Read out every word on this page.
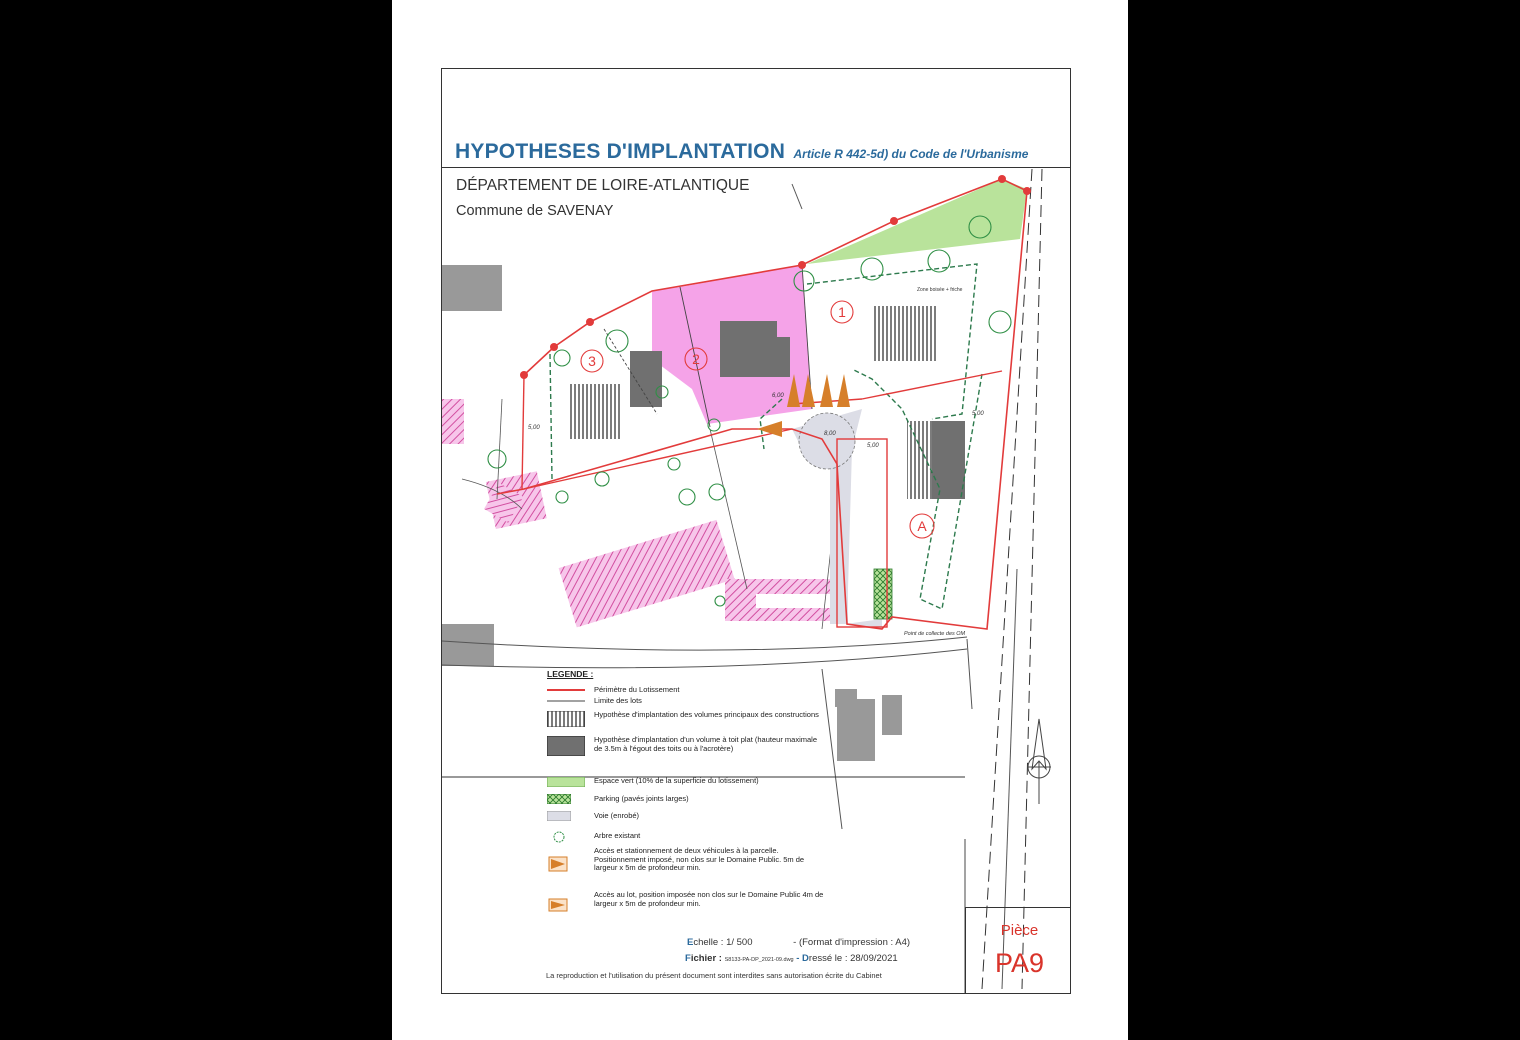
1
2
3
A
5,00
6,00
8,00
5,00
5,00
Zone boisée + friche
Point de collecte des OM
HYPOTHESES D'IMPLANTATION Article R 442-5d) du Code de l'Urbanisme
DÉPARTEMENT DE LOIRE-ATLANTIQUE
Commune de SAVENAY
LEGENDE :
Périmètre du Lotissement
Limite des lots
Hypothèse d'implantation des volumes principaux des constructions
Hypothèse d'implantation d'un volume à toit plat (hauteur maximale de 3.5m à l'égout des toits ou à l'acrotère)
Espace vert (10% de la superficie du lotissement)
Parking (pavés joints larges)
Voie (enrobé)
Arbre existant
Accès et stationnement de deux véhicules à la parcelle. Positionnement imposé, non clos sur le Domaine Public. 5m de largeur x 5m de profondeur min.
Accès au lot, position imposée non clos sur le Domaine Public 4m de largeur x 5m de profondeur min.
Echelle : 1/ 500	- (Format d'impression : A4)
Fichier : S8133-PA-DP_2021-09.dwg - Dressé le : 28/09/2021
La reproduction et l'utilisation du présent document sont interdites sans autorisation écrite du Cabinet
Pièce
PA9
